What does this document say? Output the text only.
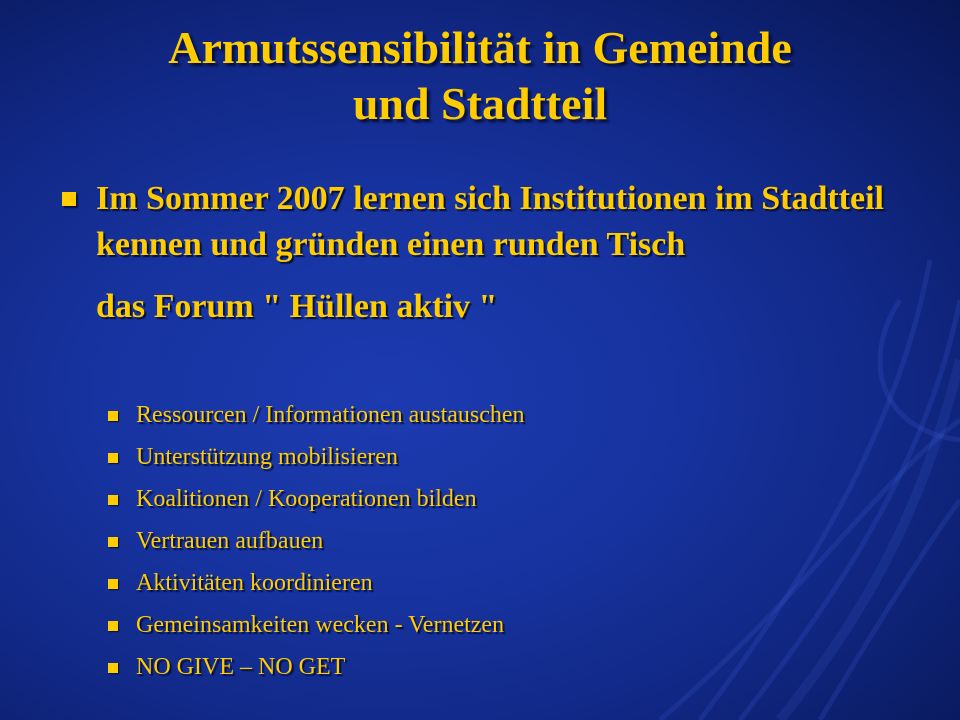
Armutssensibilität in Gemeinde
und Stadtteil
Im Sommer 2007 lernen sich Institutionen im Stadtteil kennen und gründen einen runden Tisch
das Forum " Hüllen aktiv "
Ressourcen / Informationen austauschen
Unterstützung mobilisieren
Koalitionen / Kooperationen bilden
Vertrauen aufbauen
Aktivitäten koordinieren
Gemeinsamkeiten wecken - Vernetzen
NO GIVE – NO GET
